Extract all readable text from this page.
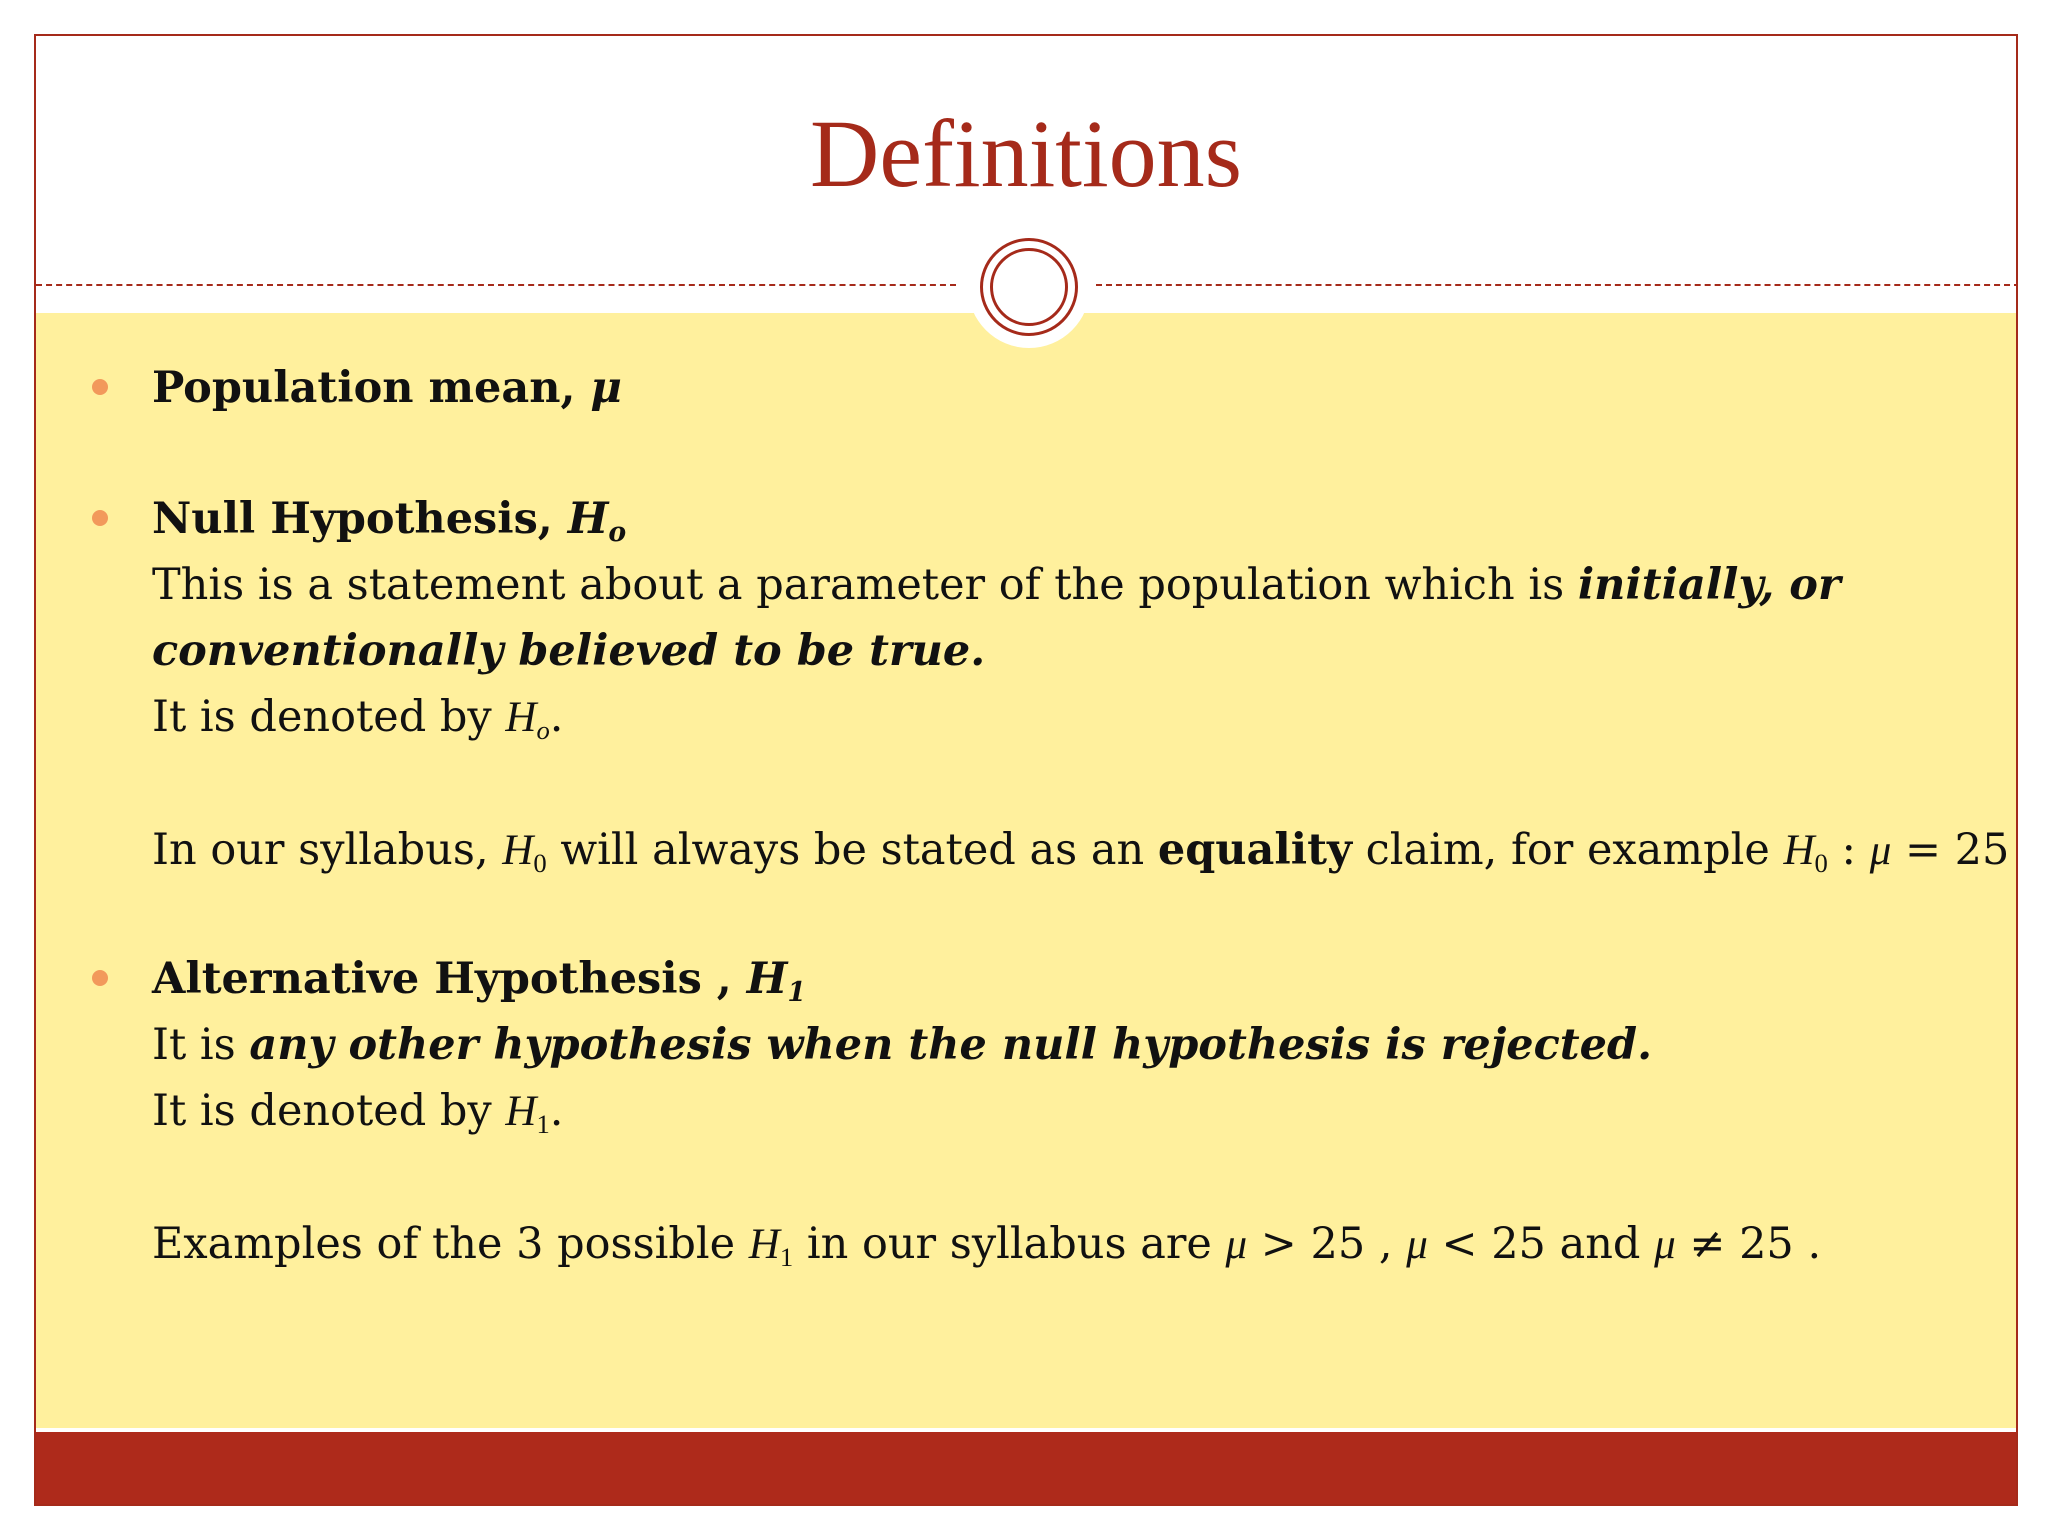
Definitions
Population mean, μ
Null Hypothesis, $H_o$
This is a statement about a parameter of the population which is initially, or
conventionally believed to be true.
It is denoted by $H_o$.
In our syllabus, $H_0$ will always be stated as an equality claim, for example $H_0$ : μ = 25
Alternative Hypothesis , $H_1$
It is any other hypothesis when the null hypothesis is rejected.
It is denoted by $H_1$.
Examples of the 3 possible $H_1$ in our syllabus are μ > 25 , μ < 25 and μ ≠ 25 .
